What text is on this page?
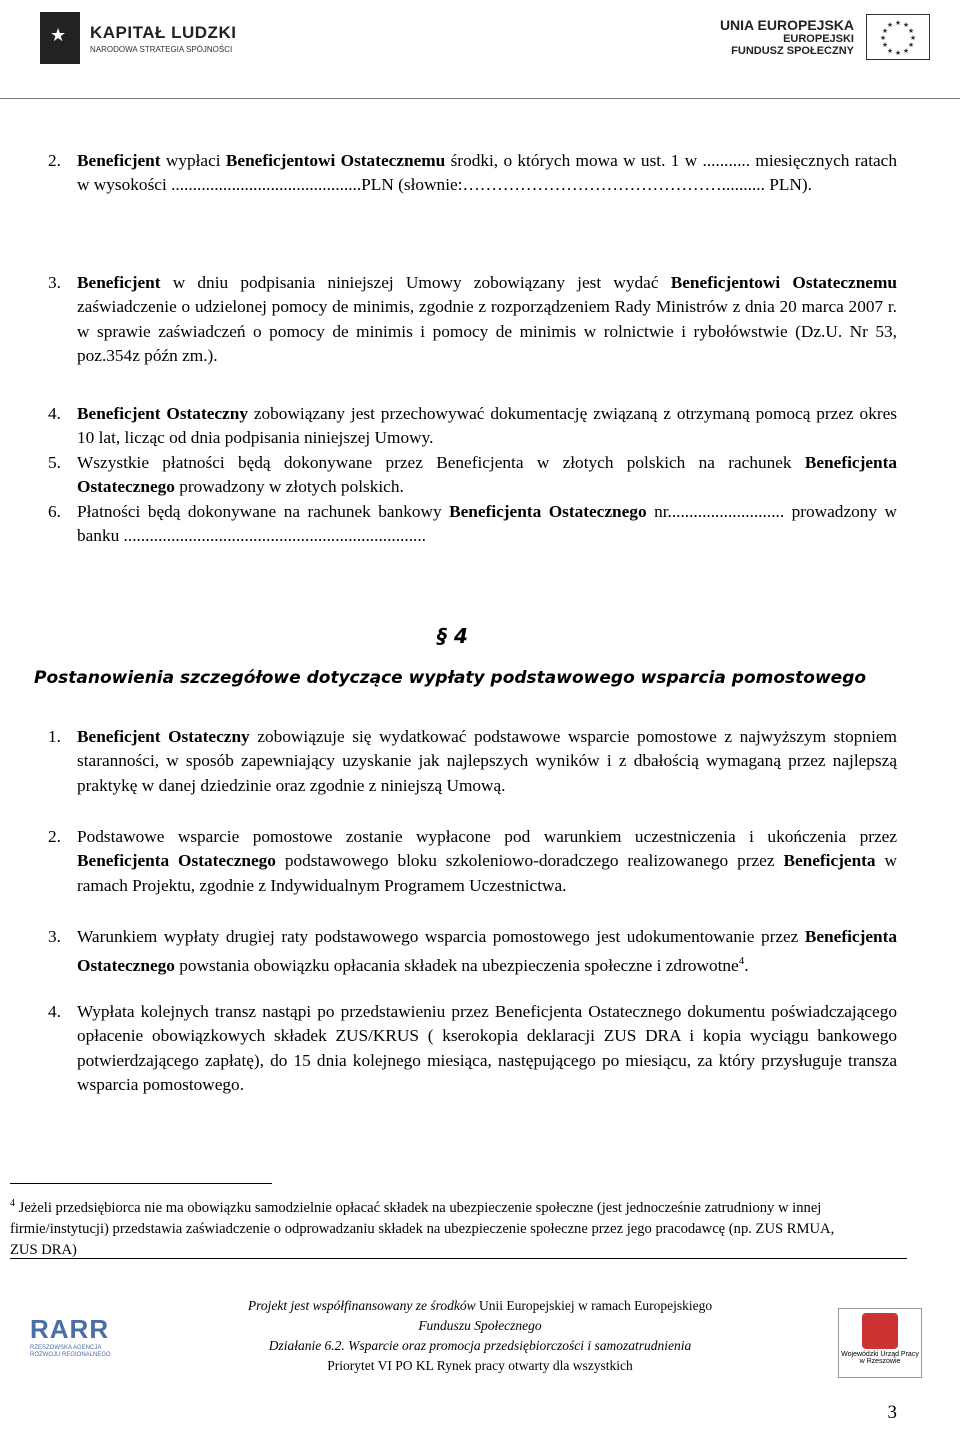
★ KAPITAŁ LUDZKI
NARODOWA STRATEGIA SPÓJNOŚCI
UNIA EUROPEJSKA
EUROPEJSKI
FUNDUSZ SPOŁECZNY
★ ★
★
★
★
★
★
★
★
★
★
★
2. Beneficjent wypłaci Beneficjentowi Ostatecznemu środki, o których mowa w ust. 1 w ........... miesięcznych ratach w wysokości ............................................PLN (słownie:……………………………………….......... PLN).
3. Beneficjent w dniu podpisania niniejszej Umowy zobowiązany jest wydać Beneficjentowi Ostatecznemu zaświadczenie o udzielonej pomocy de minimis, zgodnie z rozporządzeniem Rady Ministrów z dnia 20 marca 2007 r. w sprawie zaświadczeń o pomocy de minimis i pomocy de minimis w rolnictwie i rybołówstwie (Dz.U. Nr 53, poz.354z późn zm.).
4. Beneficjent Ostateczny zobowiązany jest przechowywać dokumentację związaną z otrzymaną pomocą przez okres 10 lat, licząc od dnia podpisania niniejszej Umowy.
5. Wszystkie płatności będą dokonywane przez Beneficjenta w złotych polskich na rachunek Beneficjenta Ostatecznego prowadzony w złotych polskich.
6. Płatności będą dokonywane na rachunek bankowy Beneficjenta Ostatecznego nr........................... prowadzony w banku ......................................................................
§ 4
Postanowienia szczegółowe dotyczące wypłaty podstawowego wsparcia pomostowego
1. Beneficjent Ostateczny zobowiązuje się wydatkować podstawowe wsparcie pomostowe z najwyższym stopniem staranności, w sposób zapewniający uzyskanie jak najlepszych wyników i z dbałością wymaganą przez najlepszą praktykę w danej dziedzinie oraz zgodnie z niniejszą Umową.
2. Podstawowe wsparcie pomostowe zostanie wypłacone pod warunkiem uczestniczenia i ukończenia przez Beneficjenta Ostatecznego podstawowego bloku szkoleniowo-doradczego realizowanego przez Beneficjenta w ramach Projektu, zgodnie z Indywidualnym Programem Uczestnictwa.
3. Warunkiem wypłaty drugiej raty podstawowego wsparcia pomostowego jest udokumentowanie przez Beneficjenta Ostatecznego powstania obowiązku opłacania składek na ubezpieczenia społeczne i zdrowotne$^4$.
4. Wypłata kolejnych transz nastąpi po przedstawieniu przez Beneficjenta Ostatecznego dokumentu poświadczającego opłacenie obowiązkowych składek ZUS/KRUS ( kserokopia deklaracji ZUS DRA i kopia wyciągu bankowego potwierdzającego zapłatę), do 15 dnia kolejnego miesiąca, następującego po miesiącu, za który przysługuje transza wsparcia pomostowego.
$^4$ Jeżeli przedsiębiorca nie ma obowiązku samodzielnie opłacać składek na ubezpieczenie społeczne (jest jednocześnie zatrudniony w innej firmie/instytucji) przedstawia zaświadczenie o odprowadzaniu składek na ubezpieczenie społeczne przez jego pracodawcę (np. ZUS RMUA, ZUS DRA)
RARR
RZESZOWSKA AGENCJA ROZWOJU REGIONALNEGO
Projekt jest współfinansowany ze środków Unii Europejskiej w ramach Europejskiego
Funduszu Społecznego
Działanie 6.2. Wsparcie oraz promocja przedsiębiorczości i samozatrudnienia
Priorytet VI PO KL Rynek pracy otwarty dla wszystkich
Wojewódzki Urząd Pracy w Rzeszowie
3
